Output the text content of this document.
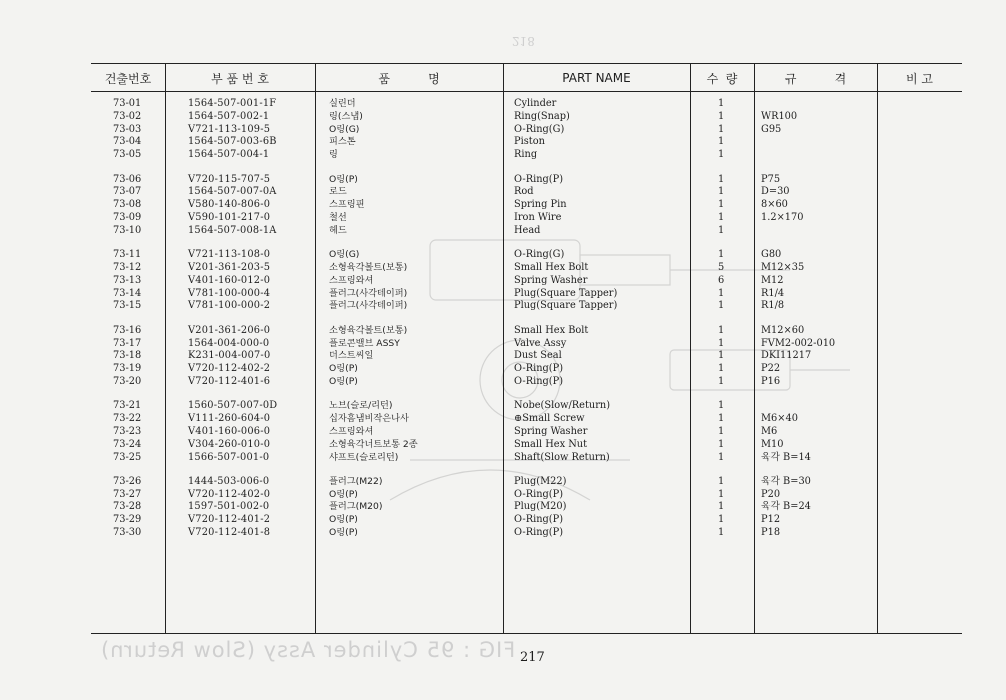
218
FIG : 95 Cylinder Assy (Slow Return)
건출번호	부 품 번 호	품          명	PART NAME	수  량	규          격	비 고
73-01	1564-507-001-1F	실린더	Cylinder	1
73-02	1564-507-002-1	링(스냅)	Ring(Snap)	1	WR100
73-03	V721-113-109-5	O링(G)	O-Ring(G)	1	G95
73-04	1564-507-003-6B	피스톤	Piston	1
73-05	1564-507-004-1	링	Ring	1
73-06	V720-115-707-5	O링(P)	O-Ring(P)	1	P75
73-07	1564-507-007-0A	로드	Rod	1	D=30
73-08	V580-140-806-0	스프링핀	Spring Pin	1	8×60
73-09	V590-101-217-0	철선	Iron Wire	1	1.2×170
73-10	1564-507-008-1A	헤드	Head	1
73-11	V721-113-108-0	O링(G)	O-Ring(G)	1	G80
73-12	V201-361-203-5	소형육각볼트(보통)	Small Hex Bolt	5	M12×35
73-13	V401-160-012-0	스프링와셔	Spring Washer	6	M12
73-14	V781-100-000-4	플러그(사각테이퍼)	Plug(Square Tapper)	1	R1/4
73-15	V781-100-000-2	플러그(사각테이퍼)	Plug(Square Tapper)	1	R1/8
73-16	V201-361-206-0	소형육각볼트(보통)	Small Hex Bolt	1	M12×60
73-17	1564-004-000-0	플로콘밸브 ASSY	Valve Assy	1	FVM2-002-010
73-18	K231-004-007-0	더스트씨일	Dust Seal	1	DKI11217
73-19	V720-112-402-2	O링(P)	O-Ring(P)	1	P22
73-20	V720-112-401-6	O링(P)	O-Ring(P)	1	P16
73-21	1560-507-007-0D	노브(슬로/리턴)	Nobe(Slow/Return)	1
73-22	V111-260-604-0	십자흠냄비작은나사	⊕Small Screw	1	M6×40
73-23	V401-160-006-0	스프링와셔	Spring Washer	1	M6
73-24	V304-260-010-0	소형육각너트보통 2종	Small Hex Nut	1	M10
73-25	1566-507-001-0	샤프트(슬로리턴)	Shaft(Slow Return)	1	육각 B=14
73-26	1444-503-006-0	플러그(M22)	Plug(M22)	1	육각 B=30
73-27	V720-112-402-0	O링(P)	O-Ring(P)	1	P20
73-28	1597-501-002-0	플러그(M20)	Plug(M20)	1	육각 B=24
73-29	V720-112-401-2	O링(P)	O-Ring(P)	1	P12
73-30	V720-112-401-8	O링(P)	O-Ring(P)	1	P18
217
